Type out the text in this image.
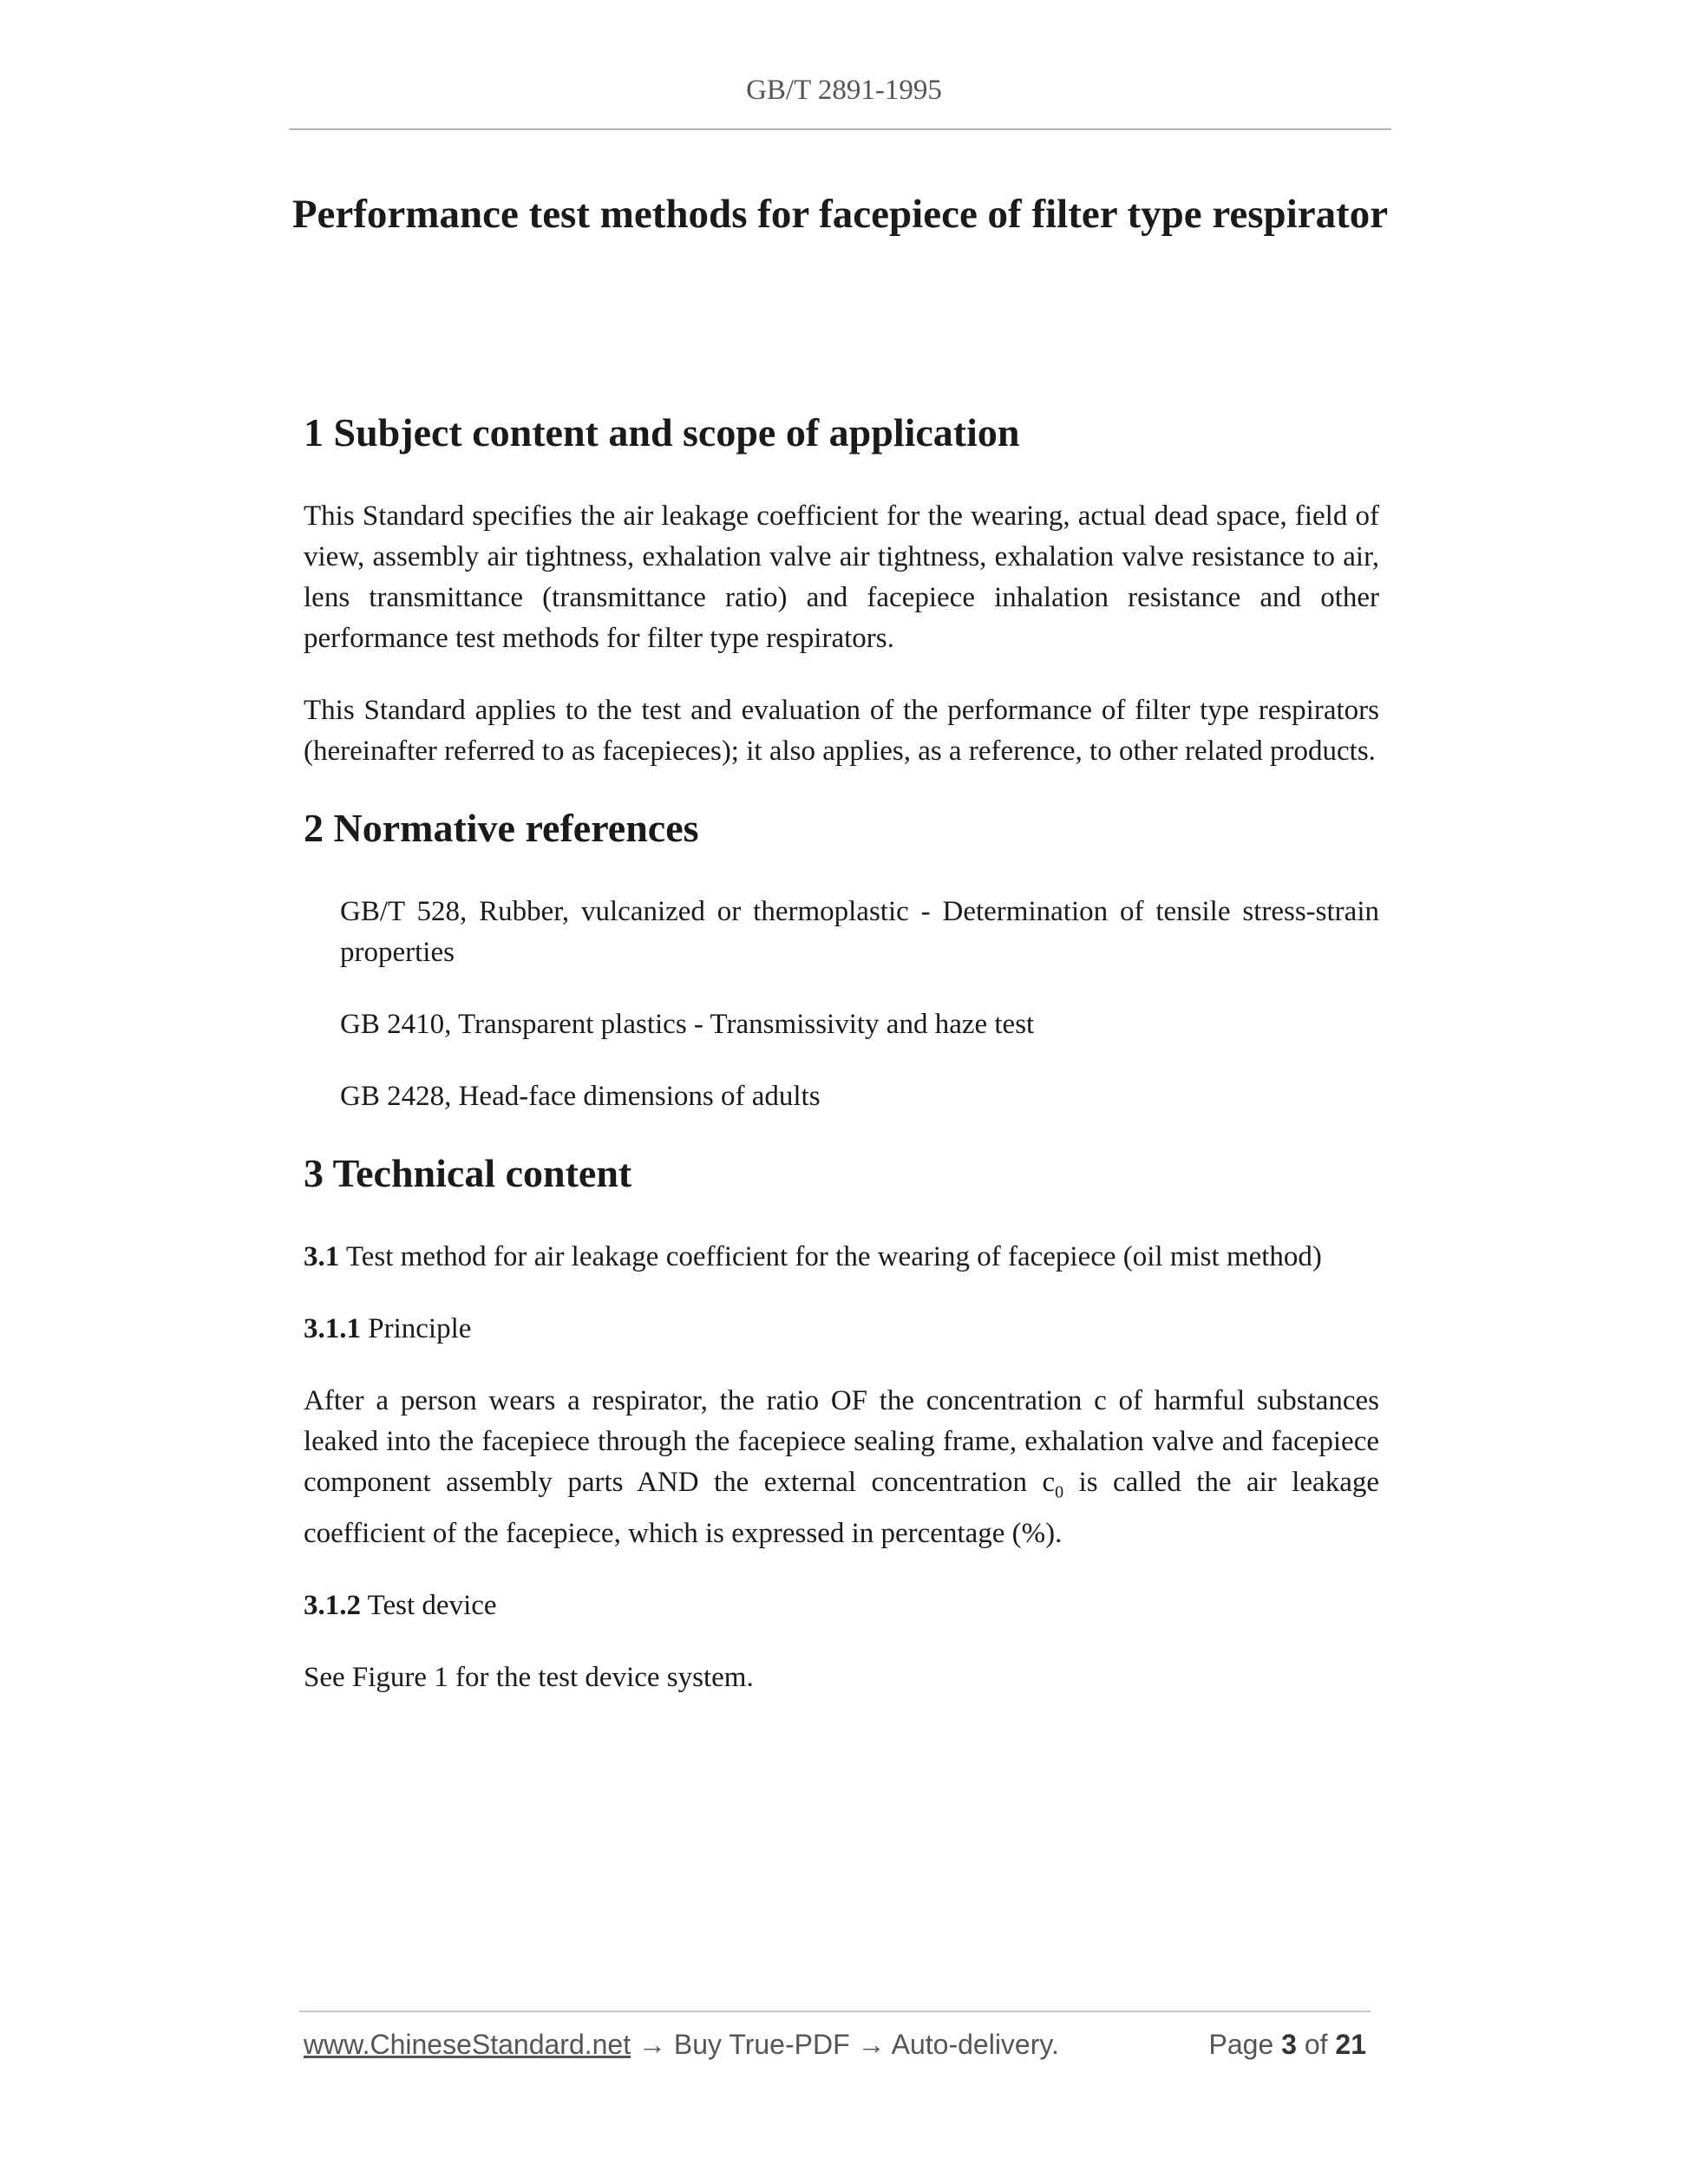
GB/T 2891-1995
Performance test methods for facepiece of filter type respirator
1 Subject content and scope of application

This Standard specifies the air leakage coefficient for the wearing, actual dead space, field of view, assembly air tightness, exhalation valve air tightness, exhalation valve resistance to air, lens transmittance (transmittance ratio) and facepiece inhalation resistance and other performance test methods for filter type respirators.

This Standard applies to the test and evaluation of the performance of filter type respirators (hereinafter referred to as facepieces); it also applies, as a reference, to other related products.

2 Normative references

GB/T 528, Rubber, vulcanized or thermoplastic - Determination of tensile stress-strain properties

GB 2410, Transparent plastics - Transmissivity and haze test

GB 2428, Head-face dimensions of adults

3 Technical content

3.1 Test method for air leakage coefficient for the wearing of facepiece (oil mist method)

3.1.1 Principle

After a person wears a respirator, the ratio OF the concentration c of harmful substances leaked into the facepiece through the facepiece sealing frame, exhalation valve and facepiece component assembly parts AND the external concentration $c_0$ is called the air leakage coefficient of the facepiece, which is expressed in percentage (%).

3.1.2 Test device

See Figure 1 for the test device system.

www.ChineseStandard.net → Buy True-PDF → Auto-delivery.	Page 3 of 21
